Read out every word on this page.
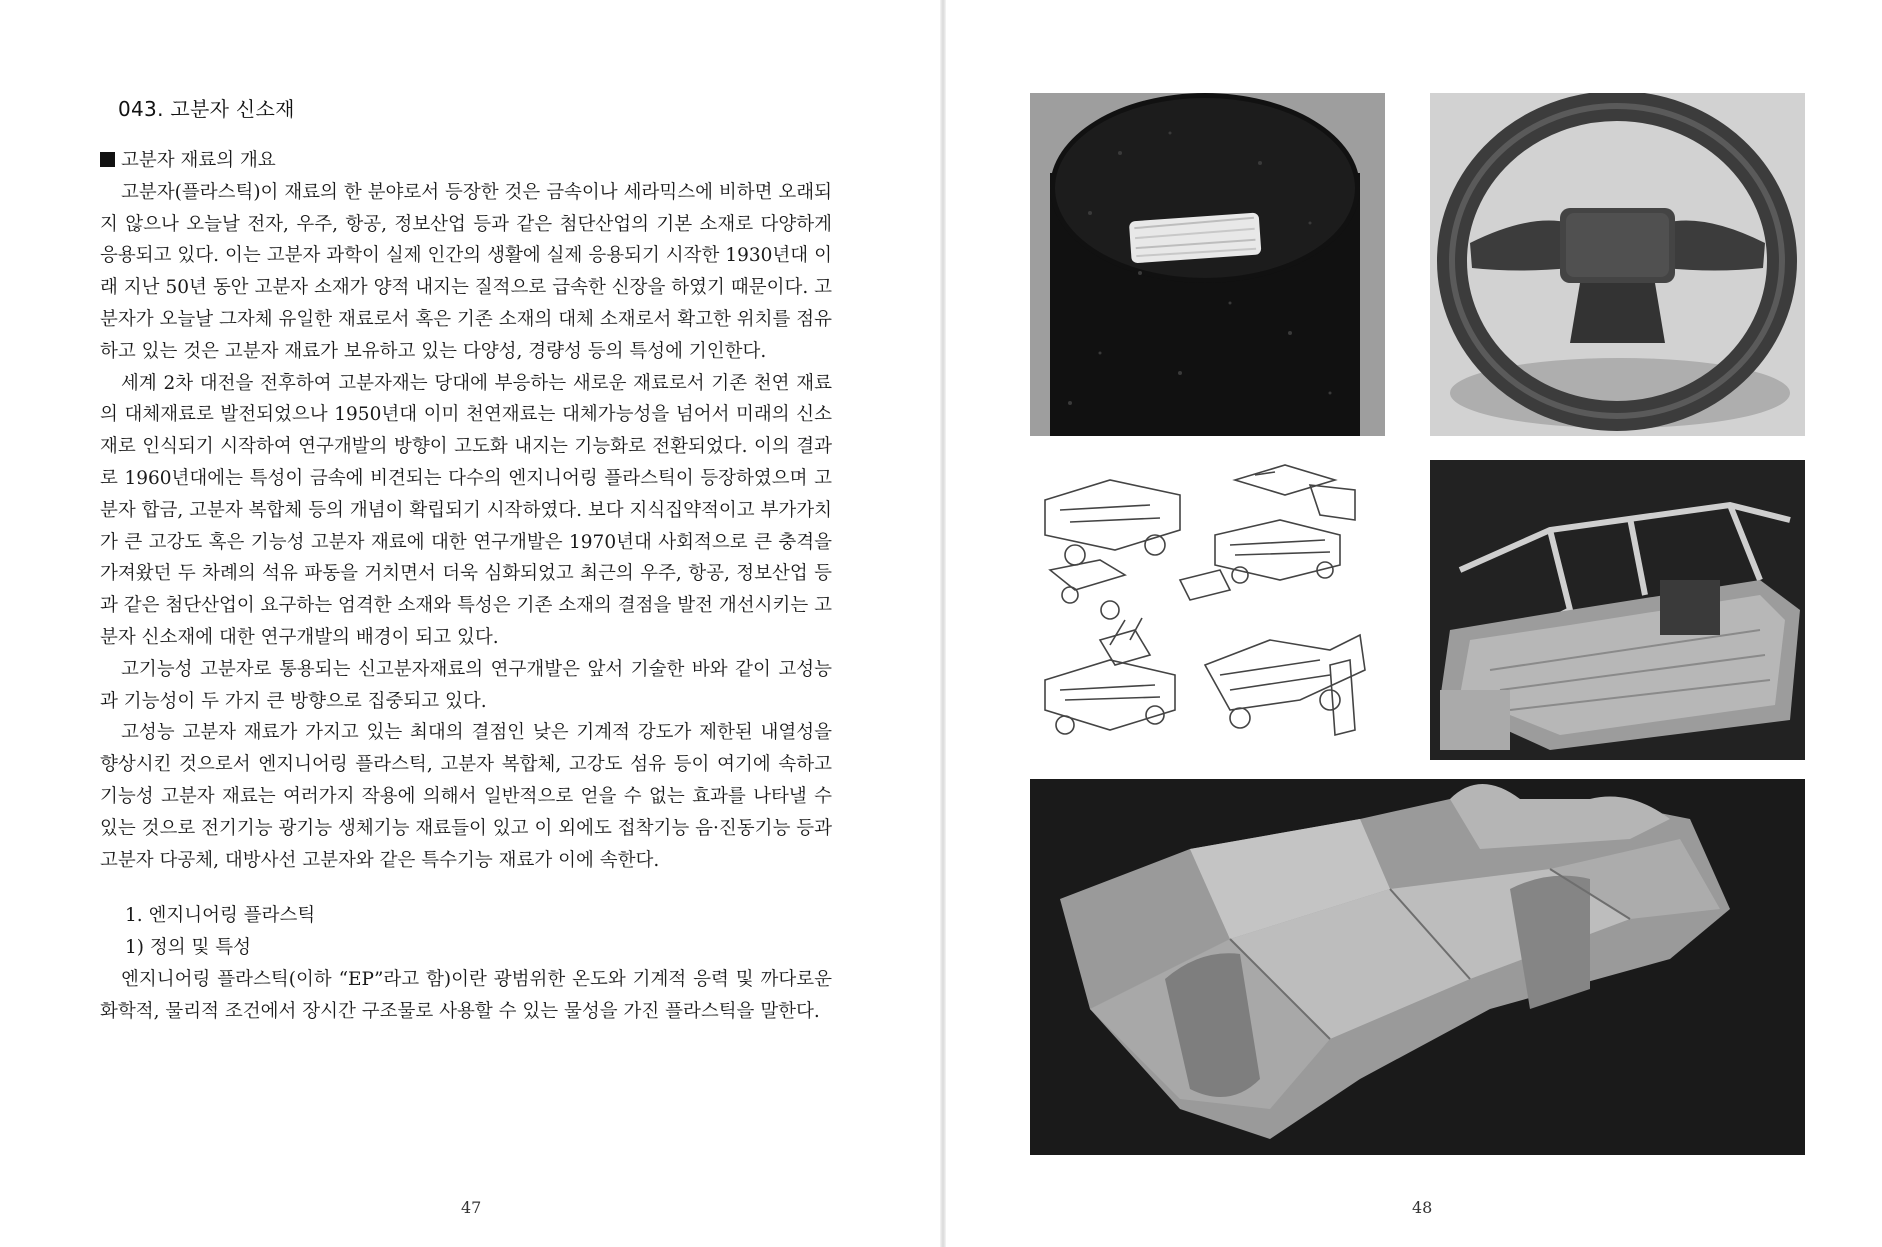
043. 고분자 신소재

고분자 재료의 개요

고분자(플라스틱)이 재료의 한 분야로서 등장한 것은 금속이나 세라믹스에 비하면 오래되지 않으나 오늘날 전자, 우주, 항공, 정보산업 등과 같은 첨단산업의 기본 소재로 다양하게 응용되고 있다. 이는 고분자 과학이 실제 인간의 생활에 실제 응용되기 시작한 1930년대 이래 지난 50년 동안 고분자 소재가 양적 내지는 질적으로 급속한 신장을 하였기 때문이다. 고분자가 오늘날 그자체 유일한 재료로서 혹은 기존 소재의 대체 소재로서 확고한 위치를 점유하고 있는 것은 고분자 재료가 보유하고 있는 다양성, 경량성 등의 특성에 기인한다.

세계 2차 대전을 전후하여 고분자재는 당대에 부응하는 새로운 재료로서 기존 천연 재료의 대체재료로 발전되었으나 1950년대 이미 천연재료는 대체가능성을 넘어서 미래의 신소재로 인식되기 시작하여 연구개발의 방향이 고도화 내지는 기능화로 전환되었다. 이의 결과로 1960년대에는 특성이 금속에 비견되는 다수의 엔지니어링 플라스틱이 등장하였으며 고분자 합금, 고분자 복합체 등의 개념이 확립되기 시작하였다. 보다 지식집약적이고 부가가치가 큰 고강도 혹은 기능성 고분자 재료에 대한 연구개발은 1970년대 사회적으로 큰 충격을 가져왔던 두 차례의 석유 파동을 거치면서 더욱 심화되었고 최근의 우주, 항공, 정보산업 등과 같은 첨단산업이 요구하는 엄격한 소재와 특성은 기존 소재의 결점을 발전 개선시키는 고분자 신소재에 대한 연구개발의 배경이 되고 있다.

고기능성 고분자로 통용되는 신고분자재료의 연구개발은 앞서 기술한 바와 같이 고성능과 기능성이 두 가지 큰 방향으로 집중되고 있다.

고성능 고분자 재료가 가지고 있는 최대의 결점인 낮은 기계적 강도가 제한된 내열성을 향상시킨 것으로서 엔지니어링 플라스틱, 고분자 복합체, 고강도 섬유 등이 여기에 속하고 기능성 고분자 재료는 여러가지 작용에 의해서 일반적으로 얻을 수 없는 효과를 나타낼 수 있는 것으로 전기기능 광기능 생체기능 재료들이 있고 이 외에도 접착기능 음·진동기능 등과 고분자 다공체, 대방사선 고분자와 같은 특수기능 재료가 이에 속한다.

1. 엔지니어링 플라스틱

1) 정의 및 특성

엔지니어링 플라스틱(이하 “EP”라고 함)이란 광범위한 온도와 기계적 응력 및 까다로운 화학적, 물리적 조건에서 장시간 구조물로 사용할 수 있는 물성을 가진 플라스틱을 말한다.

47	48
